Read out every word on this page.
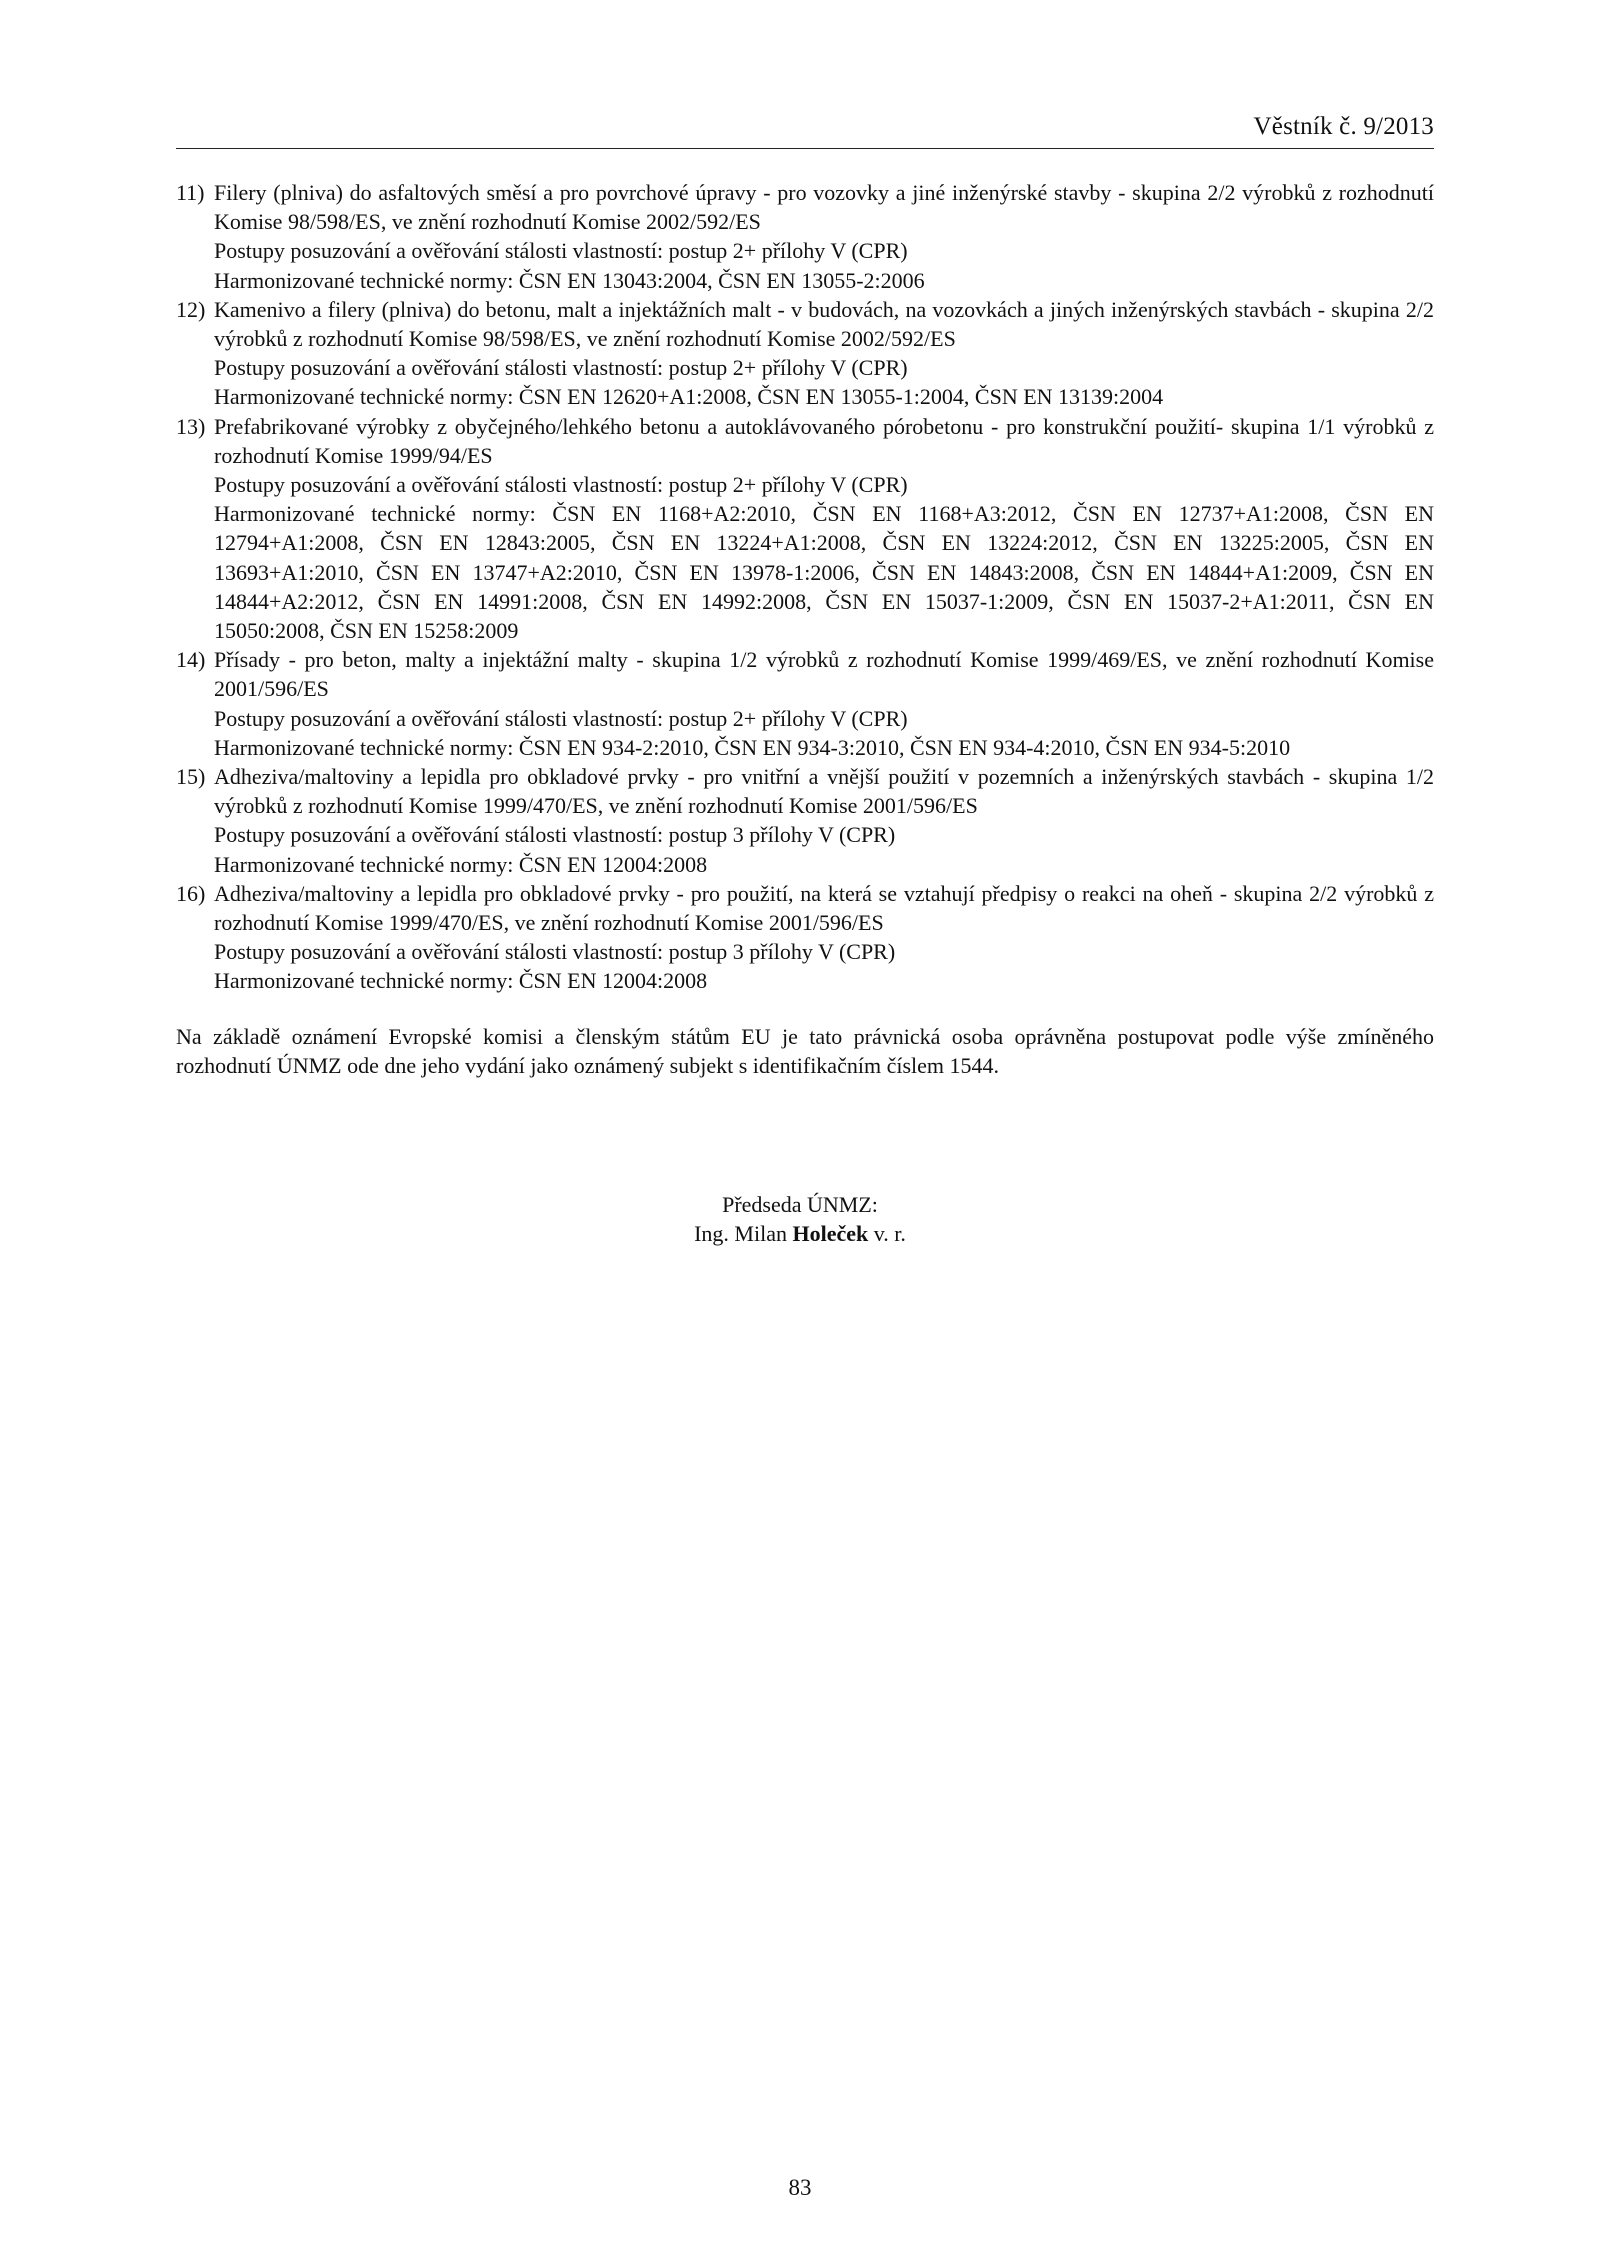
Věstník č. 9/2013
11) Filery (plniva) do asfaltových směsí a pro povrchové úpravy - pro vozovky a jiné inženýrské stavby - skupina 2/2 výrobků z rozhodnutí Komise 98/598/ES, ve znění rozhodnutí Komise 2002/592/ES
Postupy posuzování a ověřování stálosti vlastností: postup 2+ přílohy V (CPR)
Harmonizované technické normy: ČSN EN 13043:2004, ČSN EN 13055-2:2006
12) Kamenivo a filery (plniva) do betonu, malt a injektážních malt - v budovách, na vozovkách a jiných inženýrských stavbách - skupina 2/2 výrobků z rozhodnutí Komise 98/598/ES, ve znění rozhodnutí Komise 2002/592/ES
Postupy posuzování a ověřování stálosti vlastností: postup 2+ přílohy V (CPR)
Harmonizované technické normy: ČSN EN 12620+A1:2008, ČSN EN 13055-1:2004, ČSN EN 13139:2004
13) Prefabrikované výrobky z obyčejného/lehkého betonu a autoklávovaného pórobetonu - pro konstrukční použití- skupina 1/1 výrobků z rozhodnutí Komise 1999/94/ES
Postupy posuzování a ověřování stálosti vlastností: postup 2+ přílohy V (CPR)
Harmonizované technické normy: ČSN EN 1168+A2:2010, ČSN EN 1168+A3:2012, ČSN EN 12737+A1:2008, ČSN EN 12794+A1:2008, ČSN EN 12843:2005, ČSN EN 13224+A1:2008, ČSN EN 13224:2012, ČSN EN 13225:2005, ČSN EN 13693+A1:2010, ČSN EN 13747+A2:2010, ČSN EN 13978-1:2006, ČSN EN 14843:2008, ČSN EN 14844+A1:2009, ČSN EN 14844+A2:2012, ČSN EN 14991:2008, ČSN EN 14992:2008, ČSN EN 15037-1:2009, ČSN EN 15037-2+A1:2011, ČSN EN 15050:2008, ČSN EN 15258:2009
14) Přísady - pro beton, malty a injektážní malty - skupina 1/2 výrobků z rozhodnutí Komise 1999/469/ES, ve znění rozhodnutí Komise 2001/596/ES
Postupy posuzování a ověřování stálosti vlastností: postup 2+ přílohy V (CPR)
Harmonizované technické normy: ČSN EN 934-2:2010, ČSN EN 934-3:2010, ČSN EN 934-4:2010, ČSN EN 934-5:2010
15) Adheziva/maltoviny a lepidla pro obkladové prvky - pro vnitřní a vnější použití v pozemních a inženýrských stavbách - skupina 1/2 výrobků z rozhodnutí Komise 1999/470/ES, ve znění rozhodnutí Komise 2001/596/ES
Postupy posuzování a ověřování stálosti vlastností: postup 3 přílohy V (CPR)
Harmonizované technické normy: ČSN EN 12004:2008
16) Adheziva/maltoviny a lepidla pro obkladové prvky - pro použití, na která se vztahují předpisy o reakci na oheň - skupina 2/2 výrobků z rozhodnutí Komise 1999/470/ES, ve znění rozhodnutí Komise 2001/596/ES
Postupy posuzování a ověřování stálosti vlastností: postup 3 přílohy V (CPR)
Harmonizované technické normy: ČSN EN 12004:2008
Na základě oznámení Evropské komisi a členským státům EU je tato právnická osoba oprávněna postupovat podle výše zmíněného rozhodnutí ÚNMZ ode dne jeho vydání jako oznámený subjekt s identifikačním číslem 1544.
Předseda ÚNMZ:
Ing. Milan Holeček v. r.
83
